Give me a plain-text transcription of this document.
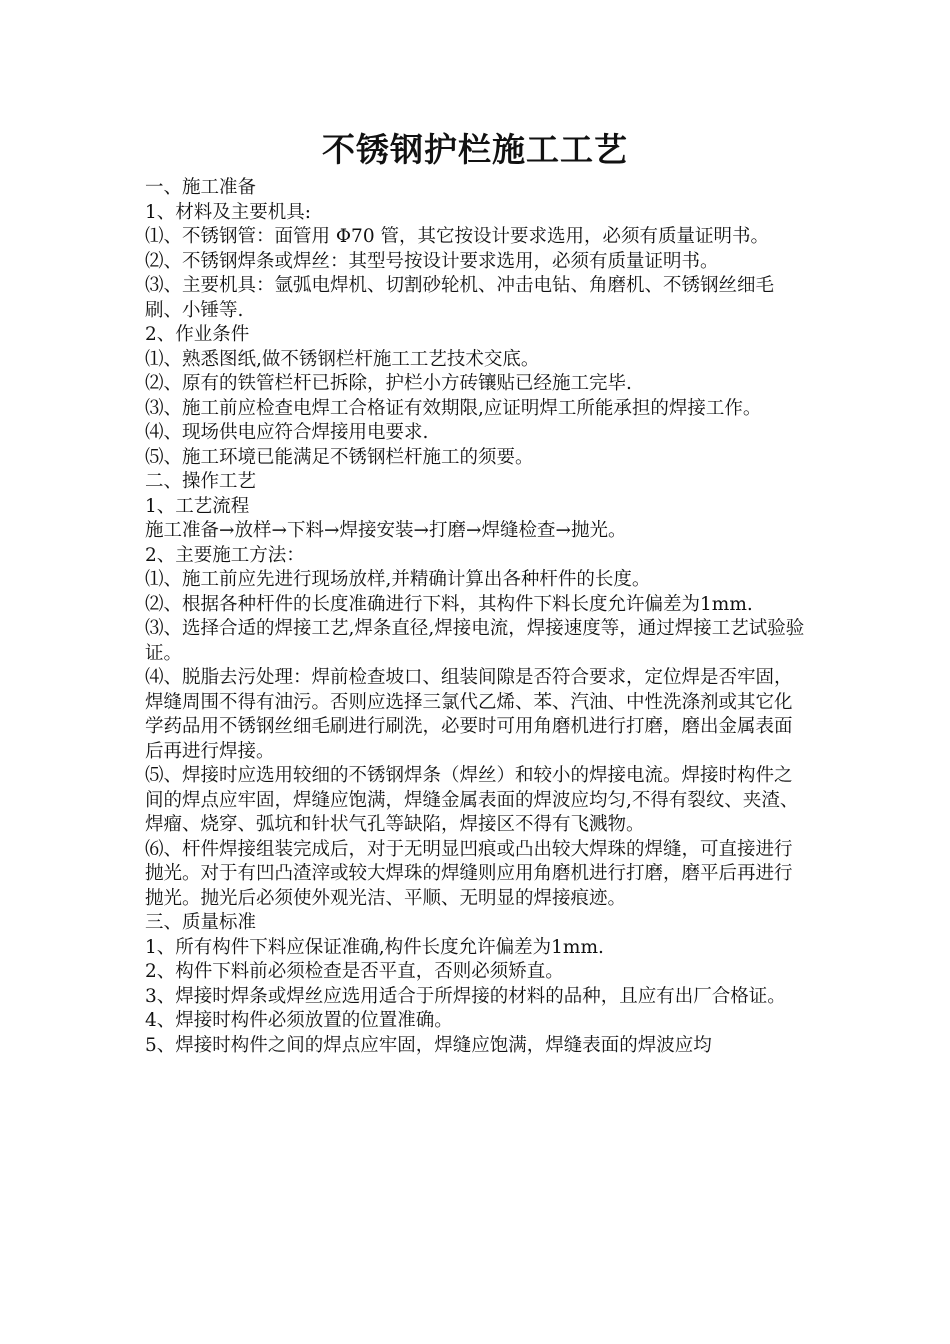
不锈钢护栏施工工艺

一、施工准备

1、材料及主要机具:

⑴、不锈钢管：面管用 Φ70 管，其它按设计要求选用，必须有质量证明书。

⑵、不锈钢焊条或焊丝：其型号按设计要求选用，必须有质量证明书。

⑶、主要机具：氩弧电焊机、切割砂轮机、冲击电钻、角磨机、不锈钢丝细毛刷、小锤等.

2、作业条件

⑴、熟悉图纸,做不锈钢栏杆施工工艺技术交底。

⑵、原有的铁管栏杆已拆除，护栏小方砖镶贴已经施工完毕.

⑶、施工前应检查电焊工合格证有效期限,应证明焊工所能承担的焊接工作。

⑷、现场供电应符合焊接用电要求.

⑸、施工环境已能满足不锈钢栏杆施工的须要。

二、操作工艺

1、工艺流程

施工准备→放样→下料→焊接安装→打磨→焊缝检查→抛光。

2、主要施工方法：

⑴、施工前应先进行现场放样,并精确计算出各种杆件的长度。

⑵、根据各种杆件的长度准确进行下料，其构件下料长度允许偏差为1mm.

⑶、选择合适的焊接工艺,焊条直径,焊接电流，焊接速度等，通过焊接工艺试验验证。

⑷、脱脂去污处理：焊前检查坡口、组装间隙是否符合要求，定位焊是否牢固，焊缝周围不得有油污。否则应选择三氯代乙烯、苯、汽油、中性洗涤剂或其它化学药品用不锈钢丝细毛刷进行刷洗，必要时可用角磨机进行打磨，磨出金属表面后再进行焊接。

⑸、焊接时应选用较细的不锈钢焊条（焊丝）和较小的焊接电流。焊接时构件之间的焊点应牢固，焊缝应饱满，焊缝金属表面的焊波应均匀,不得有裂纹、夹渣、焊瘤、烧穿、弧坑和针状气孔等缺陷，焊接区不得有飞溅物。

⑹、杆件焊接组装完成后，对于无明显凹痕或凸出较大焊珠的焊缝，可直接进行抛光。对于有凹凸渣滓或较大焊珠的焊缝则应用角磨机进行打磨，磨平后再进行抛光。抛光后必须使外观光洁、平顺、无明显的焊接痕迹。

三、质量标准

1、所有构件下料应保证准确,构件长度允许偏差为1mm.

2、构件下料前必须检查是否平直，否则必须矫直。

3、焊接时焊条或焊丝应选用适合于所焊接的材料的品种，且应有出厂合格证。

4、焊接时构件必须放置的位置准确。

5、焊接时构件之间的焊点应牢固，焊缝应饱满，焊缝表面的焊波应均
